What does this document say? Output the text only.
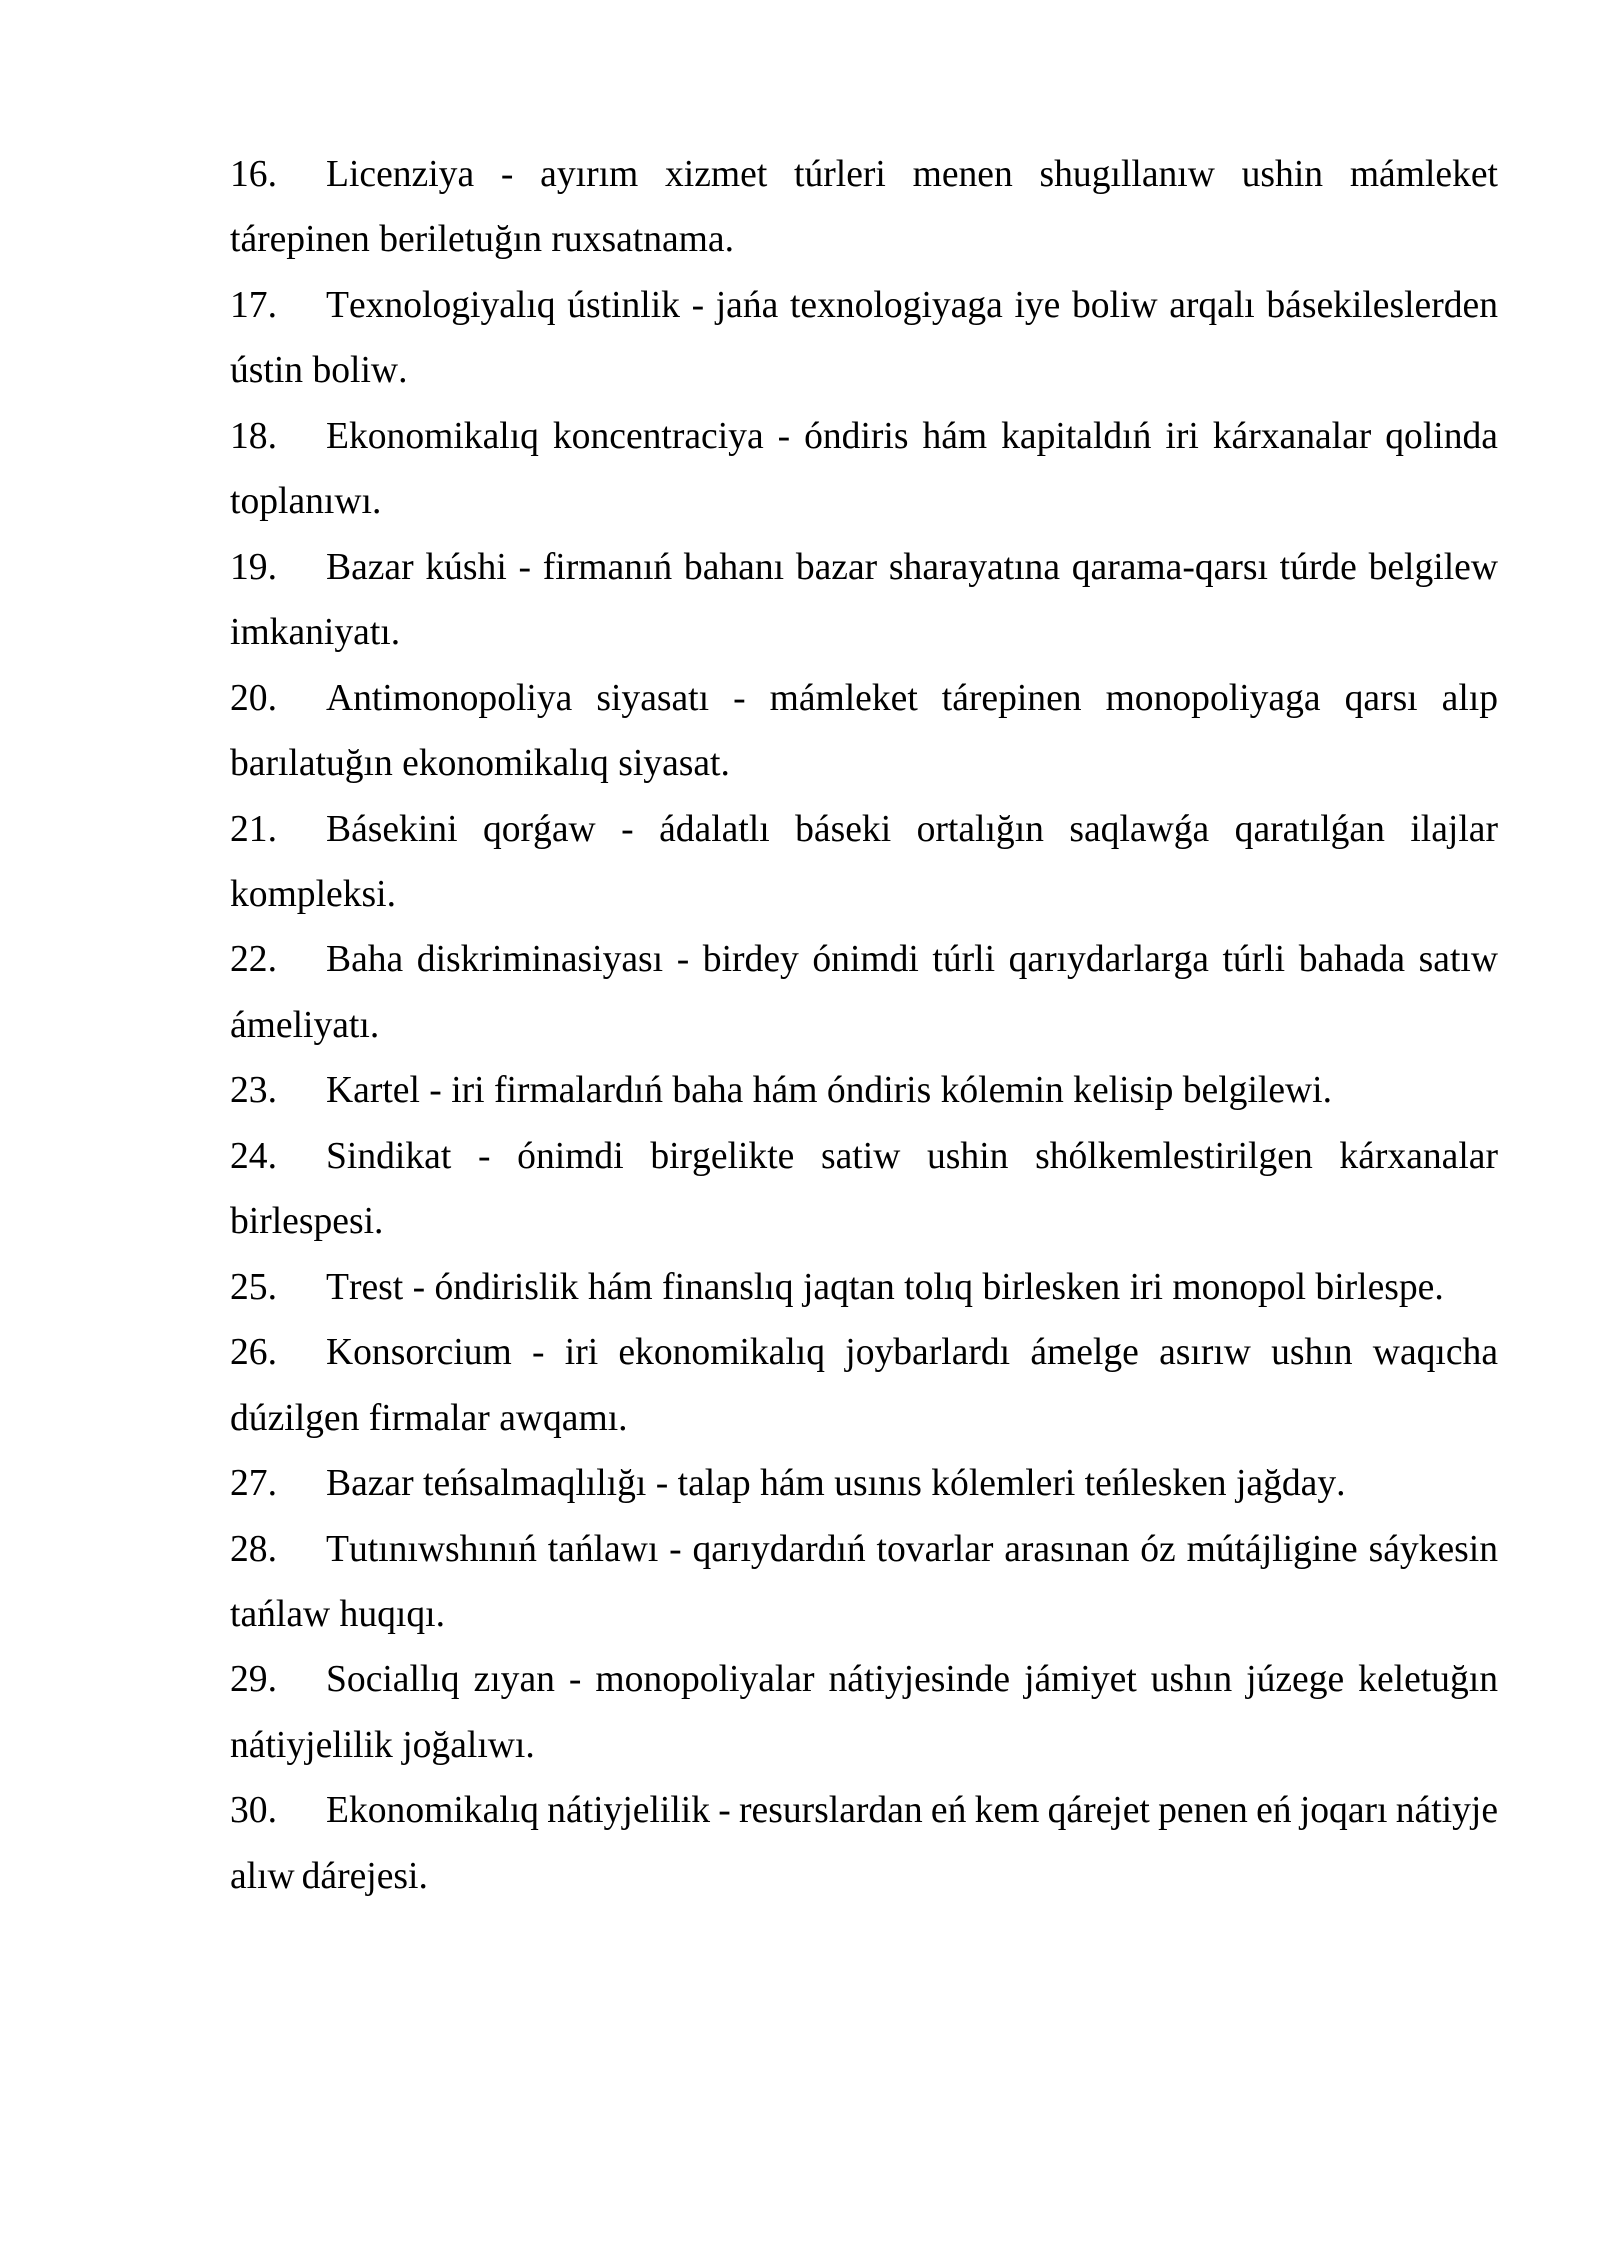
16. Licenziya - ayırım xizmet túrleri menen shugıllanıw ushin mámleket tárepinen beriletuğın ruxsatnama.

17. Texnologiyalıq ústinlik - jańa texnologiyaga iye boliw arqalı básekileslerden ústin boliw.

18. Ekonomikalıq koncentraciya - óndiris hám kapitaldıń iri kárxanalar qolinda toplanıwı.

19. Bazar kúshi - firmanıń bahanı bazar sharayatına qarama-qarsı túrde belgilew imkaniyatı.

20. Antimonopoliya siyasatı - mámleket tárepinen monopoliyaga qarsı alıp barılatuğın ekonomikalıq siyasat.

21. Básekini qorǵaw - ádalatlı báseki ortalığın saqlawǵa qaratılǵan ilajlar kompleksi.

22. Baha diskriminasiyası - birdey ónimdi túrli qarıydarlarga túrli bahada satıw ámeliyatı.

23. Kartel - iri firmalardıń baha hám óndiris kólemin kelisip belgilewi.

24. Sindikat - ónimdi birgelikte satiw ushin shólkemlestirilgen kárxanalar birlespesi.

25. Trest - óndirislik hám finanslıq jaqtan tolıq birlesken iri monopol birlespe.

26. Konsorcium - iri ekonomikalıq joybarlardı ámelge asırıw ushın waqıcha dúzilgen firmalar awqamı.

27. Bazar teńsalmaqlılığı - talap hám usınıs kólemleri teńlesken jağday.

28. Tutınıwshınıń tańlawı - qarıydardıń tovarlar arasınan óz mútájligine sáykesin tańlaw huqıqı.

29. Sociallıq zıyan - monopoliyalar nátiyjesinde jámiyet ushın júzege keletuğın nátiyjelilik joğalıwı.

30. Ekonomikalıq nátiyjelilik - resurslardan eń kem qárejet penen eń joqarı nátiyje alıw dárejesi.
